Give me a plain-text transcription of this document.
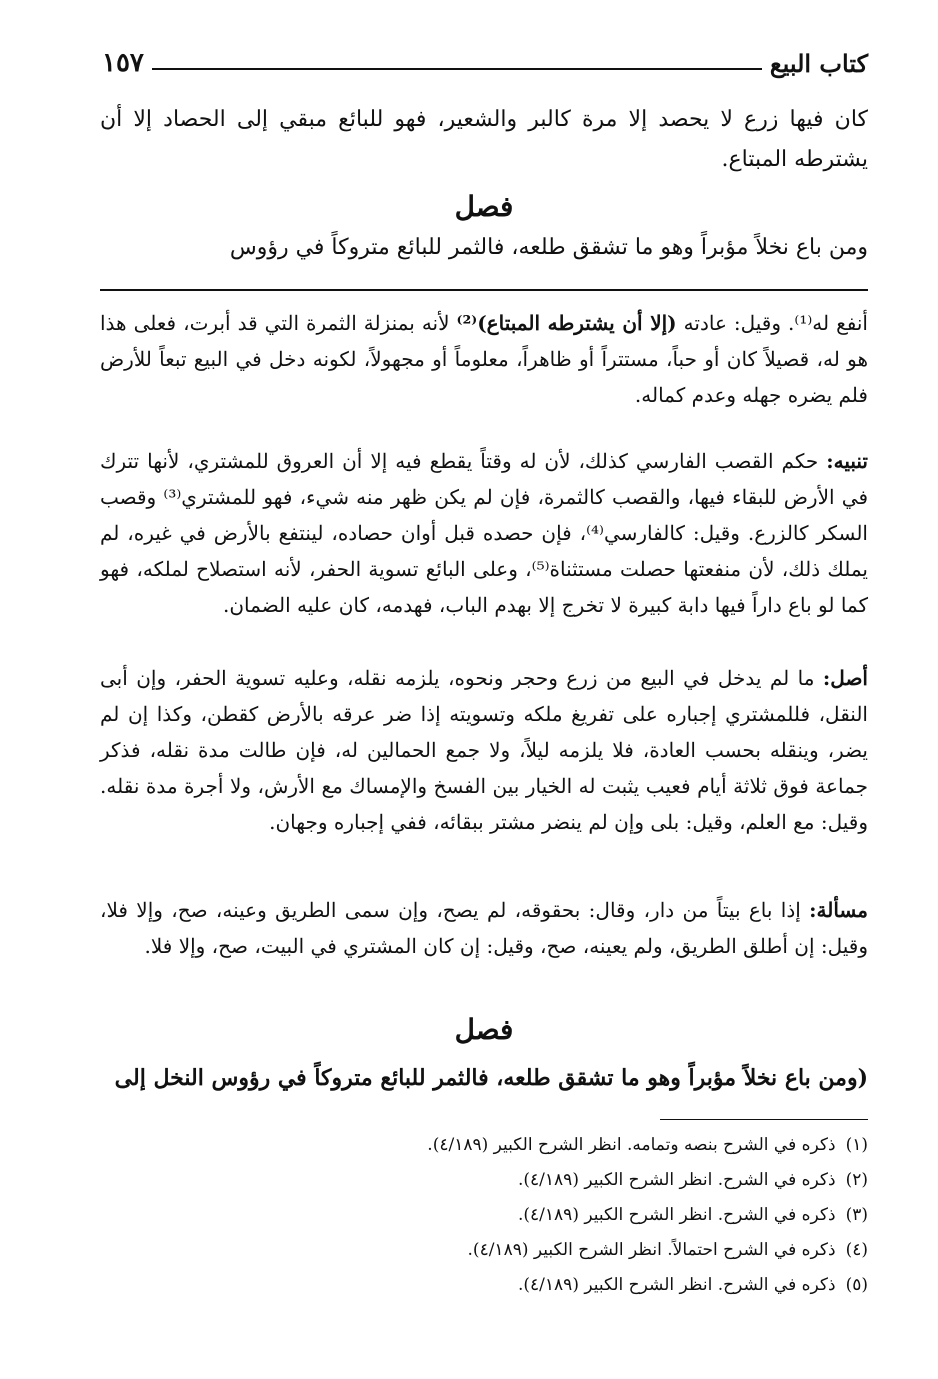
كتاب البيع
١٥٧
كان فيها زرع لا يحصد إلا مرة كالبر والشعير، فهو للبائع مبقي إلى الحصاد إلا أن يشترطه المبتاع.
فصل
ومن باع نخلاً مؤبراً وهو ما تشقق طلعه، فالثمر للبائع متروكاً في رؤوس
أنفع له⁽¹⁾. وقيل: عادته (إلا أن يشترطه المبتاع)⁽²⁾ لأنه بمنزلة الثمرة التي قد أبرت، فعلى هذا هو له، قصيلاً كان أو حباً، مستتراً أو ظاهراً، معلوماً أو مجهولاً، لكونه دخل في البيع تبعاً للأرض فلم يضره جهله وعدم كماله.
تنبيه: حكم القصب الفارسي كذلك، لأن له وقتاً يقطع فيه إلا أن العروق للمشتري، لأنها تترك في الأرض للبقاء فيها، والقصب كالثمرة، فإن لم يكن ظهر منه شيء، فهو للمشتري⁽³⁾ وقصب السكر كالزرع. وقيل: كالفارسي⁽⁴⁾، فإن حصده قبل أوان حصاده، لينتفع بالأرض في غيره، لم يملك ذلك، لأن منفعتها حصلت مستثناة⁽⁵⁾، وعلى البائع تسوية الحفر، لأنه استصلاح لملكه، فهو كما لو باع داراً فيها دابة كبيرة لا تخرج إلا بهدم الباب، فهدمه، كان عليه الضمان.
أصل: ما لم يدخل في البيع من زرع وحجر ونحوه، يلزمه نقله، وعليه تسوية الحفر، وإن أبى النقل، فللمشتري إجباره على تفريغ ملكه وتسويته إذا ضر عرقه بالأرض كقطن، وكذا إن لم يضر، وينقله بحسب العادة، فلا يلزمه ليلاً، ولا جمع الحمالين له، فإن طالت مدة نقله، فذكر جماعة فوق ثلاثة أيام فعيب يثبت له الخيار بين الفسخ والإمساك مع الأرش، ولا أجرة مدة نقله. وقيل: مع العلم، وقيل: بلى وإن لم ينضر مشتر ببقائه، ففي إجباره وجهان.
مسألة: إذا باع بيتاً من دار، وقال: بحقوقه، لم يصح، وإن سمى الطريق وعينه، صح، وإلا فلا، وقيل: إن أطلق الطريق، ولم يعينه، صح، وقيل: إن كان المشتري في البيت، صح، وإلا فلا.
فصل
(ومن باع نخلاً مؤبراً وهو ما تشقق طلعه، فالثمر للبائع متروكاً في رؤوس النخل إلى
(١)
ذكره في الشرح بنصه وتمامه. انظر الشرح الكبير (٤/١٨٩).
(٢)
ذكره في الشرح. انظر الشرح الكبير (٤/١٨٩).
(٣)
ذكره في الشرح. انظر الشرح الكبير (٤/١٨٩).
(٤)
ذكره في الشرح احتمالاً. انظر الشرح الكبير (٤/١٨٩).
(٥)
ذكره في الشرح. انظر الشرح الكبير (٤/١٨٩).
